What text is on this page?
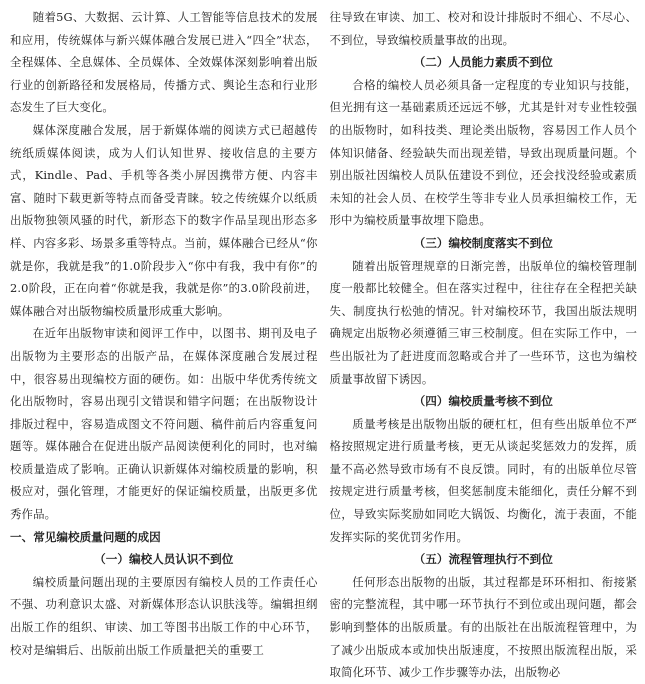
随着5G、大数据、云计算、人工智能等信息技术的发展和应用，传统媒体与新兴媒体融合发展已进入“四全”状态，全程媒体、全息媒体、全员媒体、全效媒体深刻影响着出版行业的创新路径和发展格局，传播方式、舆论生态和行业形态发生了巨大变化。

媒体深度融合发展，居于新媒体端的阅读方式已超越传统纸质媒体阅读，成为人们认知世界、接收信息的主要方式，Kindle、Pad、手机等各类小屏因携带方便、内容丰富、随时下载更新等特点而备受青睐。较之传统媒介以纸质出版物独领风骚的时代，新形态下的数字作品呈现出形态多样、内容多彩、场景多重等特点。当前，媒体融合已经从“你就是你，我就是我”的1.0阶段步入“你中有我，我中有你”的2.0阶段，正在向着“你就是我，我就是你”的3.0阶段前进，媒体融合对出版物编校质量形成重大影响。

在近年出版物审读和阅评工作中，以图书、期刊及电子出版物为主要形态的出版产品，在媒体深度融合发展过程中，很容易出现编校方面的硬伤。如：出版中华优秀传统文化出版物时，容易出现引文错误和错字问题；在出版物设计排版过程中，容易造成图文不符问题、稿件前后内容重复问题等。媒体融合在促进出版产品阅读便利化的同时，也对编校质量造成了影响。正确认识新媒体对编校质量的影响，积极应对，强化管理，才能更好的保证编校质量，出版更多优秀作品。

一、常见编校质量问题的成因
（一）编校人员认识不到位

编校质量问题出现的主要原因有编校人员的工作责任心不强、功利意识太盛、对新媒体形态认识肤浅等。编辑担纲出版工作的组织、审读、加工等图书出版工作的中心环节，校对是编辑后、出版前出版工作质量把关的重要工

往导致在审读、加工、校对和设计排版时不细心、不尽心、不到位，导致编校质量事故的出现。

（二）人员能力素质不到位

合格的编校人员必须具备一定程度的专业知识与技能，但光拥有这一基础素质还远远不够，尤其是针对专业性较强的出版物时，如科技类、理论类出版物，容易因工作人员个体知识储备、经验缺失而出现差错，导致出现质量问题。个别出版社因编校人员队伍建设不到位，还会找没经验或素质未知的社会人员、在校学生等非专业人员承担编校工作，无形中为编校质量事故埋下隐患。

（三）编校制度落实不到位

随着出版管理规章的日渐完善，出版单位的编校管理制度一般都比较健全。但在落实过程中，往往存在全程把关缺失、制度执行松弛的情况。针对编校环节，我国出版法规明确规定出版物必须遵循三审三校制度。但在实际工作中，一些出版社为了赶进度而忽略或合并了一些环节，这也为编校质量事故留下诱因。

（四）编校质量考核不到位

质量考核是出版物出版的硬杠杠，但有些出版单位不严格按照规定进行质量考核，更无从谈起奖惩效力的发挥，质量不高必然导致市场有不良反馈。同时，有的出版单位尽管按规定进行质量考核，但奖惩制度未能细化，责任分解不到位，导致实际奖励如同吃大锅饭、均衡化，流于表面，不能发挥实际的奖优罚劣作用。

（五）流程管理执行不到位

任何形态出版物的出版，其过程都是环环相扣、衔接紧密的完整流程，其中哪一环节执行不到位或出现问题，都会影响到整体的出版质量。有的出版社在出版流程管理中，为了减少出版成本或加快出版速度，不按照出版流程出版，采取简化环节、减少工作步骤等办法，出版物必
